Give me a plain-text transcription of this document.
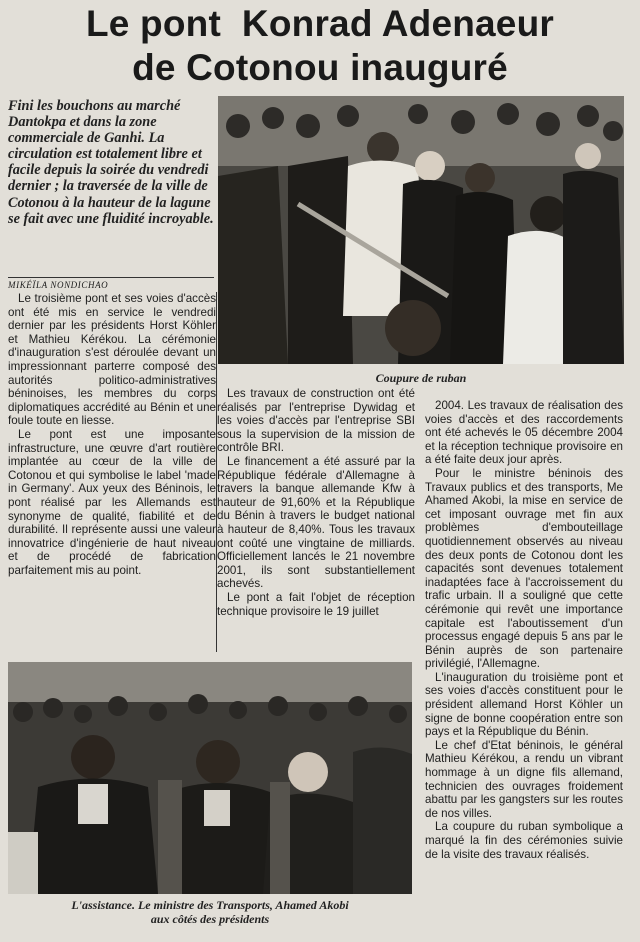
Le pont  Konrad Adenaeur
de Cotonou inauguré
Fini les bouchons au marché Dantokpa et dans la zone commerciale de Ganhi. La circulation est totalement libre et facile depuis la soirée du vendredi dernier ; la traversée de la ville de Cotonou à la hauteur de la lagune se fait avec une fluidité incroyable.
MIKÉÏLA NONDICHAO
Coupure de ruban

Le troisième pont et ses voies d'accès ont été mis en service le vendredi dernier par les présidents Horst Köhler et Mathieu Kérékou. La cérémonie d'inauguration s'est déroulée devant un impressionnant parterre composé des autorités politico-administratives béninoises, les membres du corps diplomatiques accrédité au Bénin et une foule toute en liesse.

Le pont est une imposante infrastructure, une œuvre d'art routière implantée au cœur de la ville de Cotonou et qui symbolise le label 'made in Germany'. Aux yeux des Béninois, le pont réalisé par les Allemands est synonyme de qualité, fiabilité et de durabilité. Il représente aussi une valeur innovatrice d'ingénierie de haut niveau et de procédé de fabrication parfaitement mis au point.

Les travaux de construction ont été réalisés par l'entreprise Dywidag et les voies d'accès par l'entreprise SBI sous la supervision de la mission de contrôle BRI.

Le financement a été assuré par la République fédérale d'Allemagne à travers la banque allemande Kfw à hauteur de 91,60% et la République du Bénin à travers le budget national à hauteur de 8,40%. Tous les travaux ont coûté une vingtaine de milliards. Officiellement lancés le 21 novembre 2001, ils sont substantiellement achevés.

Le pont a fait l'objet de réception technique provisoire le 19 juillet

2004. Les travaux de réalisation des voies d'accès et des raccordements ont été achevés le 05 décembre 2004 et la réception technique provisoire en a été faite deux jour après.

Pour le ministre béninois des Travaux publics et des transports, Me Ahamed Akobi, la mise en service de cet imposant ouvrage met fin aux problèmes d'embouteillage quotidiennement observés au niveau des deux ponts de Cotonou dont les capacités sont devenues totalement inadaptées face à l'accroissement du trafic urbain. Il a souligné que cette cérémonie qui revêt une importance capitale est l'aboutissement d'un processus engagé depuis 5 ans par le Bénin auprès de son partenaire privilégié, l'Allemagne.

L'inauguration du troisième pont et ses voies d'accès constituent pour le président allemand Horst Köhler un signe de bonne coopération entre son pays et la République du Bénin.

Le chef d'Etat béninois, le général Mathieu Kérékou, a rendu un vibrant hommage à un digne fils allemand, technicien des ouvrages froidement abattu par les gangsters sur les routes de nos villes.

La coupure du ruban symbolique a marqué la fin des cérémonies suivie de la visite des travaux réalisés.

L'assistance. Le ministre des Transports, Ahamed Akobi
aux côtés des présidents
